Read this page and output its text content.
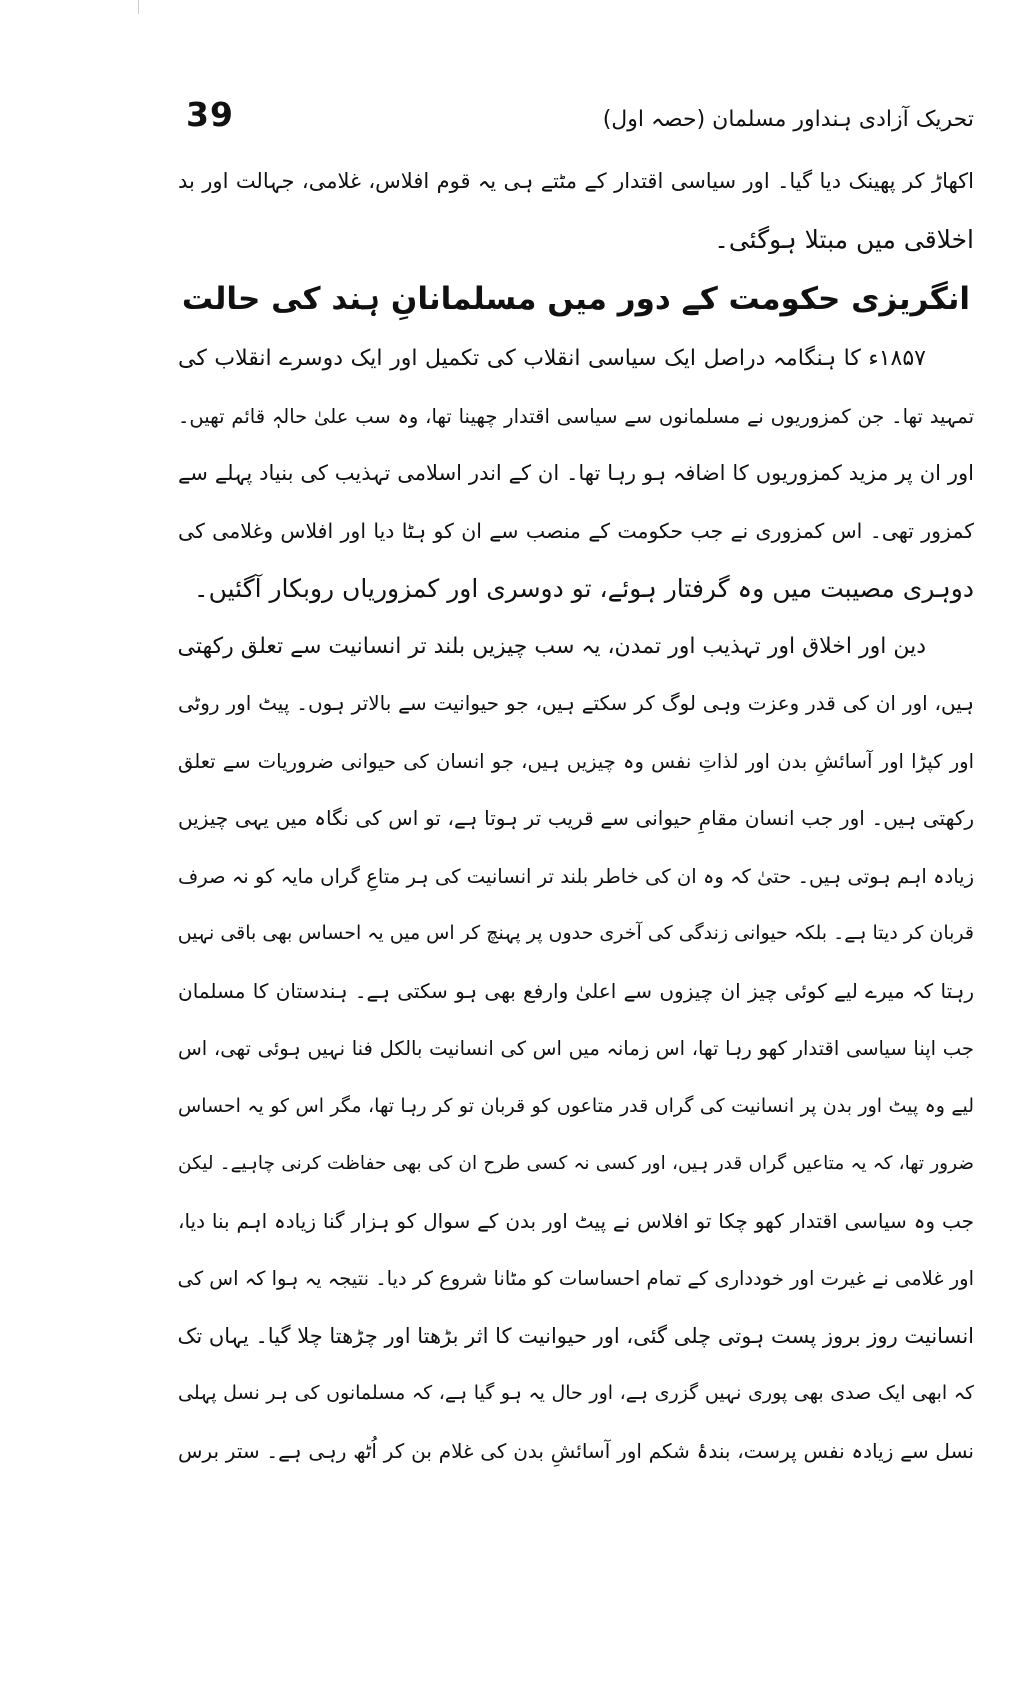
39	تحریک آزادی ہنداور مسلمان (حصہ اول)
اکھاڑ کر پھینک دیا گیا۔ اور سیاسی اقتدار کے مٹتے ہی یہ قوم افلاس، غلامی، جہالت اور بد
اخلاقی میں مبتلا ہوگئی۔
انگریزی حکومت کے دور میں مسلمانانِ ہند کی حالت
۱۸۵۷ء کا ہنگامہ دراصل ایک سیاسی انقلاب کی تکمیل اور ایک دوسرے انقلاب کی
تمہید تھا۔ جن کمزوریوں نے مسلمانوں سے سیاسی اقتدار چھینا تھا، وہ سب علیٰ حالہٖ قائم تھیں۔
اور ان پر مزید کمزوریوں کا اضافہ ہو رہا تھا۔ ان کے اندر اسلامی تہذیب کی بنیاد پہلے سے
کمزور تھی۔ اس کمزوری نے جب حکومت کے منصب سے ان کو ہٹا دیا اور افلاس وغلامی کی
دوہری مصیبت میں وہ گرفتار ہوئے، تو دوسری اور کمزوریاں روبکار آگئیں۔
دین اور اخلاق اور تہذیب اور تمدن، یہ سب چیزیں بلند تر انسانیت سے تعلق رکھتی
ہیں، اور ان کی قدر وعزت وہی لوگ کر سکتے ہیں، جو حیوانیت سے بالاتر ہوں۔ پیٹ اور روٹی
اور کپڑا اور آسائشِ بدن اور لذاتِ نفس وہ چیزیں ہیں، جو انسان کی حیوانی ضروریات سے تعلق
رکھتی ہیں۔ اور جب انسان مقامِ حیوانی سے قریب تر ہوتا ہے، تو اس کی نگاہ میں یہی چیزیں
زیادہ اہم ہوتی ہیں۔ حتیٰ کہ وہ ان کی خاطر بلند تر انسانیت کی ہر متاعِ گراں مایہ کو نہ صرف
قربان کر دیتا ہے۔ بلکہ حیوانی زندگی کی آخری حدوں پر پہنچ کر اس میں یہ احساس بھی باقی نہیں
رہتا کہ میرے لیے کوئی چیز ان چیزوں سے اعلیٰ وارفع بھی ہو سکتی ہے۔ ہندستان کا مسلمان
جب اپنا سیاسی اقتدار کھو رہا تھا، اس زمانہ میں اس کی انسانیت بالکل فنا نہیں ہوئی تھی، اس
لیے وہ پیٹ اور بدن پر انسانیت کی گراں قدر متاعوں کو قربان تو کر رہا تھا، مگر اس کو یہ احساس
ضرور تھا، کہ یہ متاعیں گراں قدر ہیں، اور کسی نہ کسی طرح ان کی بھی حفاظت کرنی چاہیے۔ لیکن
جب وہ سیاسی اقتدار کھو چکا تو افلاس نے پیٹ اور بدن کے سوال کو ہزار گنا زیادہ اہم بنا دیا،
اور غلامی نے غیرت اور خودداری کے تمام احساسات کو مٹانا شروع کر دیا۔ نتیجہ یہ ہوا کہ اس کی
انسانیت روز بروز پست ہوتی چلی گئی، اور حیوانیت کا اثر بڑھتا اور چڑھتا چلا گیا۔ یہاں تک
کہ ابھی ایک صدی بھی پوری نہیں گزری ہے، اور حال یہ ہو گیا ہے، کہ مسلمانوں کی ہر نسل پہلی
نسل سے زیادہ نفس پرست، بندۂ شکم اور آسائشِ بدن کی غلام بن کر اُٹھ رہی ہے۔ ستر برس
